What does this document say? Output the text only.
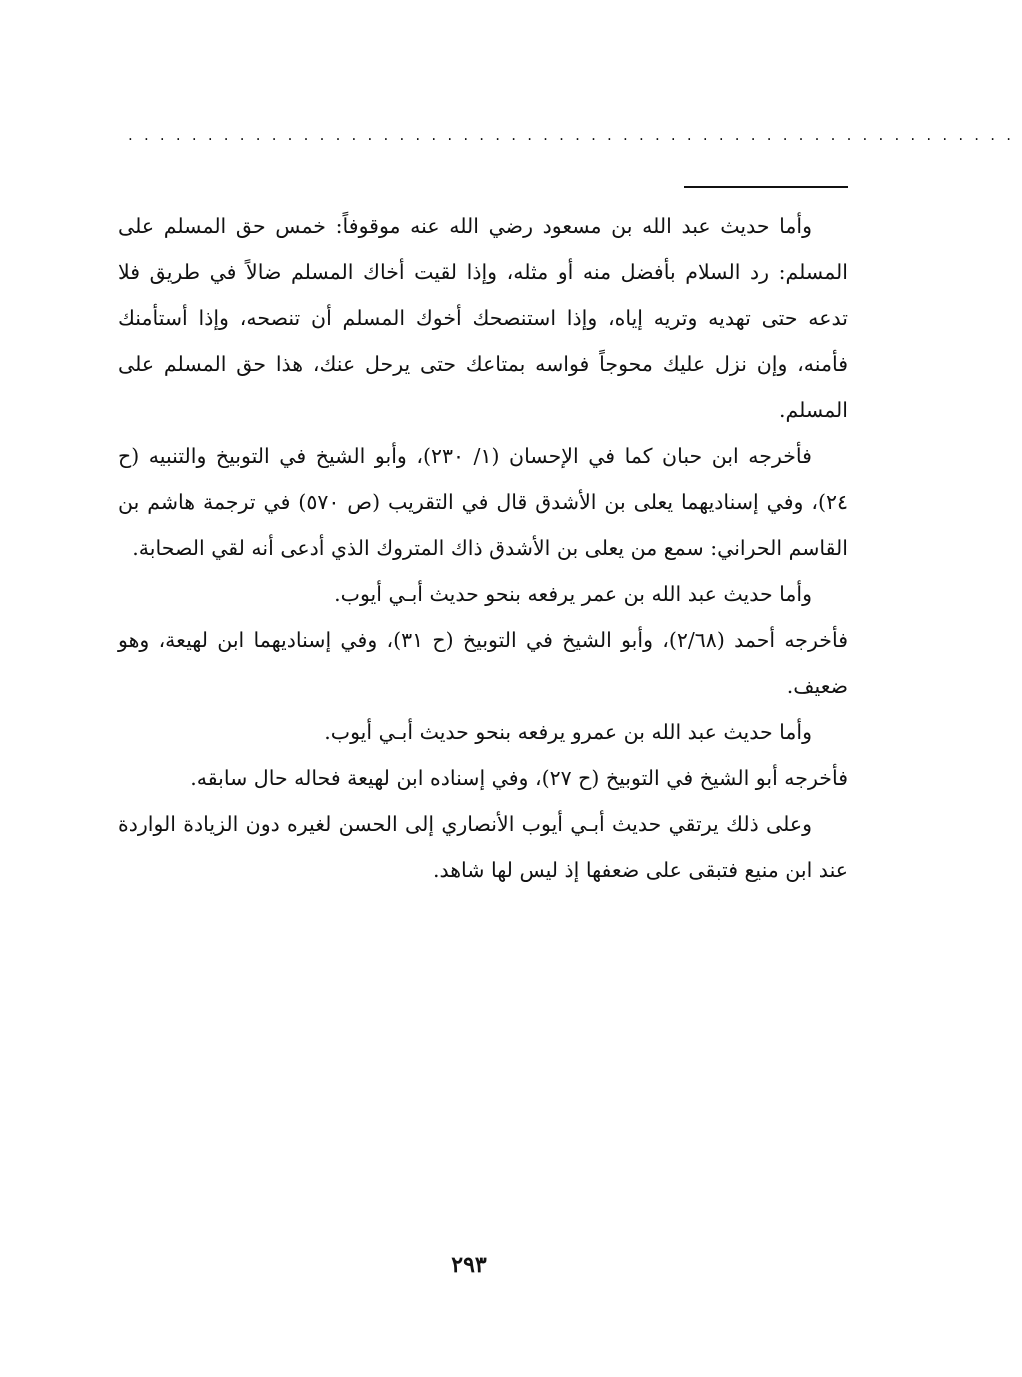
........................................................

وأما حديث عبد الله بن مسعود رضي الله عنه موقوفاً: خمس حق المسلم على المسلم: رد السلام بأفضل منه أو مثله، وإذا لقيت أخاك المسلم ضالاً في طريق فلا تدعه حتى تهديه وتريه إياه، وإذا استنصحك أخوك المسلم أن تنصحه، وإذا أستأمنك فأمنه، وإن نزل عليك محوجاً فواسه بمتاعك حتى يرحل عنك، هذا حق المسلم على المسلم.

فأخرجه ابن حبان كما في الإحسان (١/ ٢٣٠)، وأبو الشيخ في التوبيخ والتنبيه (ح ٢٤)، وفي إسناديهما يعلى بن الأشدق قال في التقريب (ص ٥٧٠) في ترجمة هاشم بن القاسم الحراني: سمع من يعلى بن الأشدق ذاك المتروك الذي أدعى أنه لقي الصحابة.

وأما حديث عبد الله بن عمر يرفعه بنحو حديث أبـي أيوب.

فأخرجه أحمد (٢/٦٨)، وأبو الشيخ في التوبيخ (ح ٣١)، وفي إسناديهما ابن لهيعة، وهو ضعيف.

وأما حديث عبد الله بن عمرو يرفعه بنحو حديث أبـي أيوب.

فأخرجه أبو الشيخ في التوبيخ (ح ٢٧)، وفي إسناده ابن لهيعة فحاله حال سابقه.

وعلى ذلك يرتقي حديث أبـي أيوب الأنصاري إلى الحسن لغيره دون الزيادة الواردة عند ابن منيع فتبقى على ضعفها إذ ليس لها شاهد.

٢٩٣
